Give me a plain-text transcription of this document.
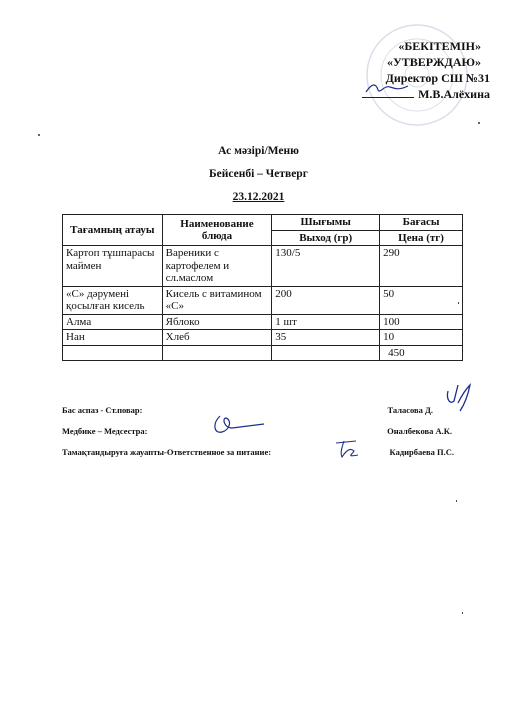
«БЕКІТЕМІН»
«УТВЕРЖДАЮ»
Директор СШ №31
М.В.Алёхина
Ас мәзірі/Меню
Бейсенбі – Четверг
23.12.2021
Тағамның атауы	Наименование блюда	Шығымы	Бағасы
		Выход (гр)	Цена (тг)
Картоп тұшпарасы маймен	Вареники с картофелем и сл.маслом	130/5	290
«С» дәрумені қосылған кисель	Кисель с витамином «С»	200	50
Алма	Яблоко	1 шт	100
Нан	Хлеб	35	10
			450
Бас аспаз - Ст.повар:	Таласова Д.
Медбике – Медсестра:	Оналбекова А.К.
Тамақтандыруға жауапты-Ответственное за питание:	Кадирбаева П.С.
